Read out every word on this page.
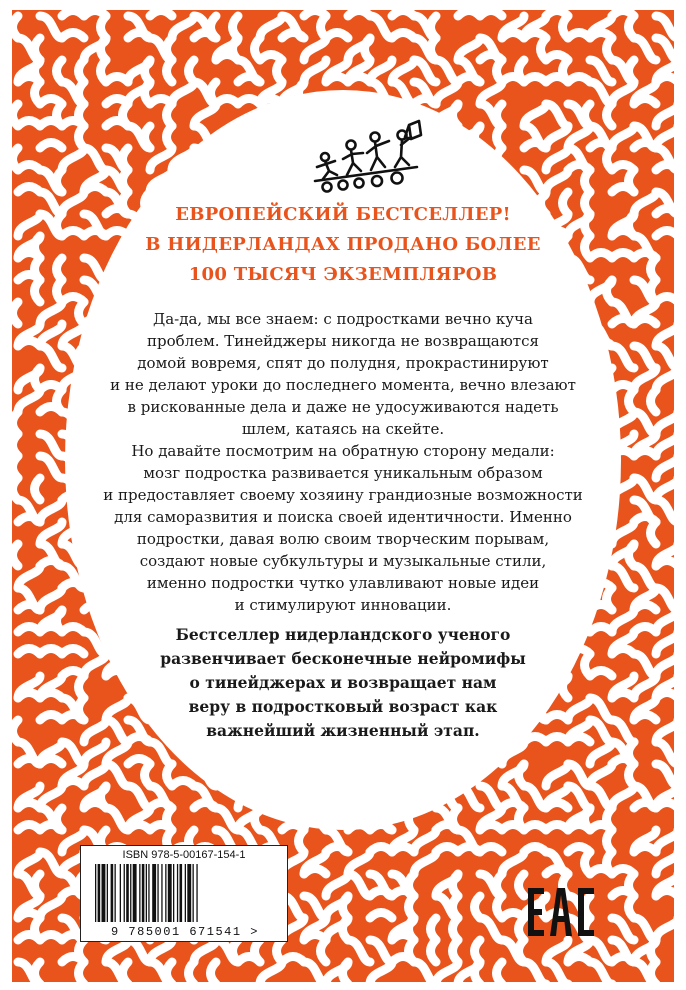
ЕВРОПЕЙСКИЙ БЕСТСЕЛЛЕР!
В НИДЕРЛАНДАХ ПРОДАНО БОЛЕЕ
100 ТЫСЯЧ ЭКЗЕМПЛЯРОВ
Да-да, мы все знаем: с подростками вечно куча
проблем. Тинейджеры никогда не возвращаются
домой вовремя, спят до полудня, прокрастинируют
и не делают уроки до последнего момента, вечно влезают
в рискованные дела и даже не удосуживаются надеть
шлем, катаясь на скейте.
Но давайте посмотрим на обратную сторону медали:
мозг подростка развивается уникальным образом
и предоставляет своему хозяину грандиозные возможности
для саморазвития и поиска своей идентичности. Именно
подростки, давая волю своим творческим порывам,
создают новые субкультуры и музыкальные стили,
именно подростки чутко улавливают новые идеи
и стимулируют инновации.
Бестселлер нидерландского ученого
развенчивает бесконечные нейромифы
о тинейджерах и возвращает нам
веру в подростковый возраст как
важнейший жизненный этап.
ISBN 978-5-00167-154-1
9 785001 671541 >
